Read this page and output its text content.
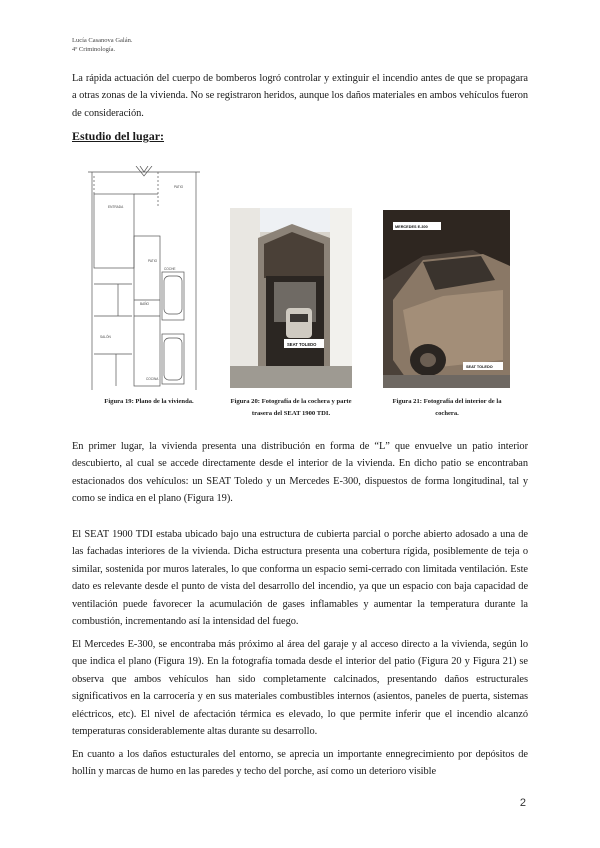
Lucía Casanova Galán.
4º Criminología.

La rápida actuación del cuerpo de bomberos logró controlar y extinguir el incendio antes de que se propagara a otras zonas de la vivienda. No se registraron heridos, aunque los daños materiales en ambos vehículos fueron de consideración.

Estudio del lugar:
ENTRADA
PATIO
COCHE
PATIO
BAÑO
SALÓN
COCINA
Figura 19: Plano de la vivienda.
SEAT TOLEDO
Figura 20: Fotografía de la cochera y parte
trasera del SEAT 1900 TDI.
MERCEDES E-300
SEAT TOLEDO
Figura 21: Fotografía del interior de la
cochera.

En primer lugar, la vivienda presenta una distribución en forma de “L” que envuelve un patio interior descubierto, al cual se accede directamente desde el interior de la vivienda. En dicho patio se encontraban estacionados dos vehículos: un SEAT Toledo y un Mercedes E-300, dispuestos de forma longitudinal, tal y como se indica en el plano (Figura 19).

El SEAT 1900 TDI estaba ubicado bajo una estructura de cubierta parcial o porche abierto adosado a una de las fachadas interiores de la vivienda. Dicha estructura presenta una cobertura rígida, posiblemente de teja o similar, sostenida por muros laterales, lo que conforma un espacio semi-cerrado con limitada ventilación. Este dato es relevante desde el punto de vista del desarrollo del incendio, ya que un espacio con baja capacidad de ventilación puede favorecer la acumulación de gases inflamables y aumentar la temperatura durante la combustión, incrementando así la intensidad del fuego.

El Mercedes E-300, se encontraba más próximo al área del garaje y al acceso directo a la vivienda, según lo que indica el plano (Figura 19). En la fotografía tomada desde el interior del patio (Figura 20 y Figura 21) se observa que ambos vehículos han sido completamente calcinados, presentando daños estructurales significativos en la carrocería y en sus materiales combustibles internos (asientos, paneles de puerta, sistemas eléctricos, etc). El nivel de afectación térmica es elevado, lo que permite inferir que el incendio alcanzó temperaturas considerablemente altas durante su desarrollo.

En cuanto a los daños estucturales del entorno, se aprecia un importante ennegrecimiento por depósitos de hollín y marcas de humo en las paredes y techo del porche, así como un deterioro visible

2
